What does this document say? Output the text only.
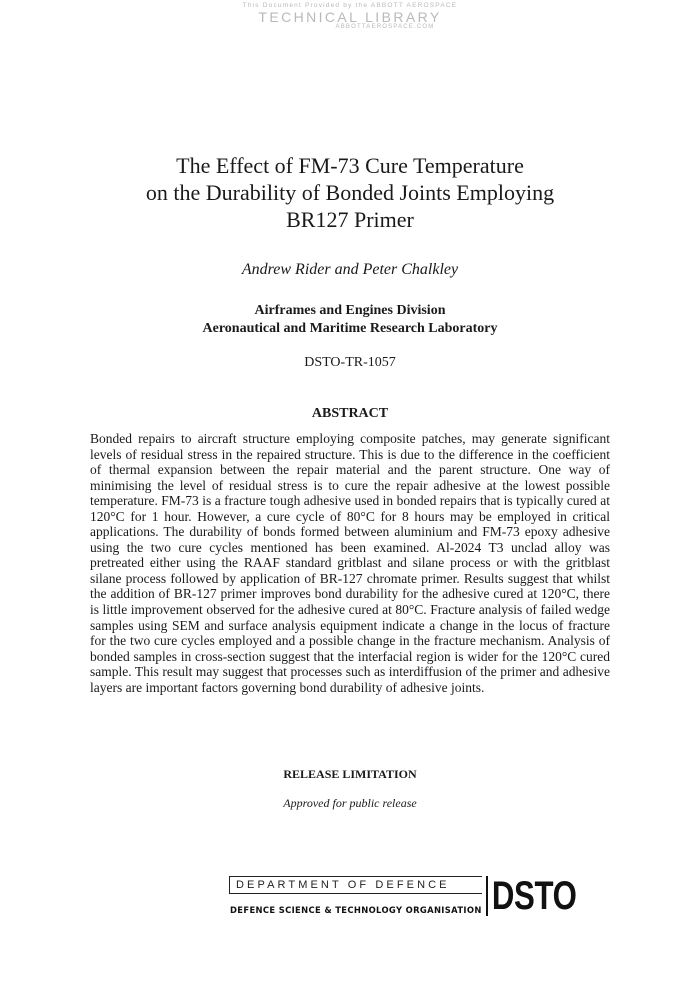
This Document Provided by the ABBOTT AEROSPACE
TECHNICAL LIBRARY
ABBOTTAEROSPACE.COM
The Effect of FM-73 Cure Temperature
on the Durability of Bonded Joints Employing
BR127 Primer
Andrew Rider and Peter Chalkley
Airframes and Engines Division
Aeronautical and Maritime Research Laboratory
DSTO-TR-1057
ABSTRACT

Bonded repairs to aircraft structure employing composite patches, may generate significant levels of residual stress in the repaired structure. This is due to the difference in the coefficient of thermal expansion between the repair material and the parent structure. One way of minimising the level of residual stress is to cure the repair adhesive at the lowest possible temperature. FM-73 is a fracture tough adhesive used in bonded repairs that is typically cured at 120°C for 1 hour. However, a cure cycle of 80°C for 8 hours may be employed in critical applications. The durability of bonds formed between aluminium and FM-73 epoxy adhesive using the two cure cycles mentioned has been examined. Al-2024 T3 unclad alloy was pretreated either using the RAAF standard gritblast and silane process or with the gritblast silane process followed by application of BR-127 chromate primer. Results suggest that whilst the addition of BR-127 primer improves bond durability for the adhesive cured at 120°C, there is little improvement observed for the adhesive cured at 80°C. Fracture analysis of failed wedge samples using SEM and surface analysis equipment indicate a change in the locus of fracture for the two cure cycles employed and a possible change in the fracture mechanism. Analysis of bonded samples in cross-section suggest that the interfacial region is wider for the 120°C cured sample. This result may suggest that processes such as interdiffusion of the primer and adhesive layers are important factors governing bond durability of adhesive joints.

RELEASE LIMITATION
Approved for public release
DEPARTMENT OF DEFENCE
DEFENCE SCIENCE & TECHNOLOGY ORGANISATION DSTO
